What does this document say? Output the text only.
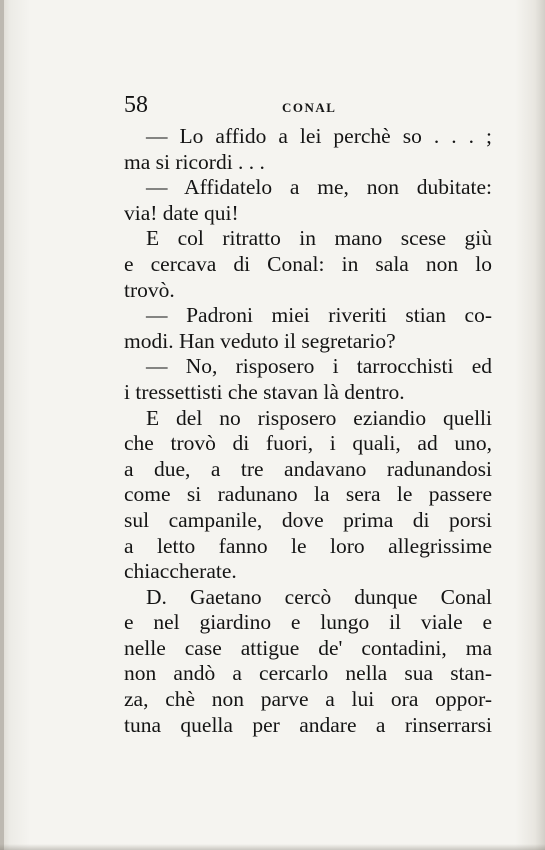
58	CONAL
— Lo affido a lei perchè so . . . ;
ma si ricordi . . .
— Affidatelo a me, non dubitate:
via! date qui!
E col ritratto in mano scese giù
e cercava di Conal: in sala non lo
trovò.
— Padroni miei riveriti stian co-
modi. Han veduto il segretario?
— No, risposero i tarrocchisti ed
i tressettisti che stavan là dentro.
E del no risposero eziandio quelli
che trovò di fuori, i quali, ad uno,
a due, a tre andavano radunandosi
come si radunano la sera le passere
sul campanile, dove prima di porsi
a letto fanno le loro allegrissime
chiaccherate.
D. Gaetano cercò dunque Conal
e nel giardino e lungo il viale e
nelle case attigue de' contadini, ma
non andò a cercarlo nella sua stan-
za, chè non parve a lui ora oppor-
tuna quella per andare a rinserrarsi
